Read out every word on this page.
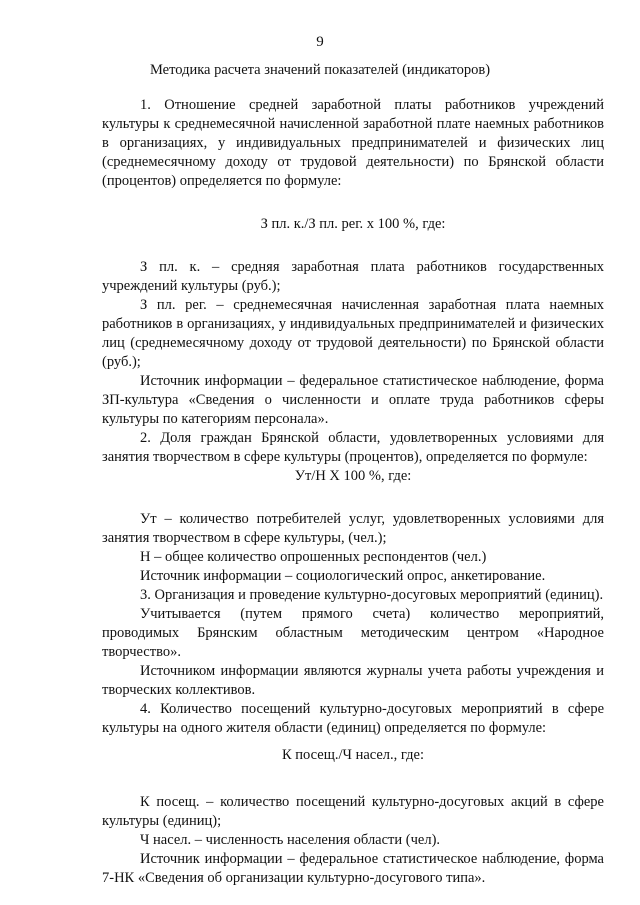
9
Методика расчета значений показателей (индикаторов)

1. Отношение средней заработной платы работников учреждений культуры к среднемесячной начисленной заработной плате наемных работников в организациях, у индивидуальных предпринимателей и физических лиц (среднемесячному доходу от трудовой деятельности) по Брянской области (процентов) определяется по формуле:

З пл. к./З пл. рег. х 100 %, где:

З пл. к. – средняя заработная плата работников государственных учреждений культуры (руб.);

З пл. рег. – среднемесячная начисленная заработная плата наемных работников в организациях, у индивидуальных предпринимателей и физических лиц (среднемесячному доходу от трудовой деятельности) по Брянской области (руб.);

Источник информации – федеральное статистическое наблюдение, форма ЗП-культура «Сведения о численности и оплате труда работников сферы культуры по категориям персонала».

2. Доля граждан Брянской области, удовлетворенных условиями для занятия творчеством в сфере культуры (процентов), определяется по формуле:

Ут/Н Х 100 %, где:

Ут – количество потребителей услуг, удовлетворенных условиями для занятия творчеством в сфере культуры, (чел.);

Н – общее количество опрошенных респондентов (чел.)

Источник информации – социологический опрос, анкетирование.

3. Организация и проведение культурно-досуговых мероприятий (единиц).

Учитывается (путем прямого счета) количество мероприятий, проводимых Брянским областным методическим центром «Народное творчество».

Источником информации являются журналы учета работы учреждения и творческих коллективов.

4. Количество посещений культурно-досуговых мероприятий в сфере культуры на одного жителя области (единиц) определяется по формуле:

К посещ./Ч насел., где:

К посещ. – количество посещений культурно-досуговых акций в сфере культуры (единиц);

Ч насел. – численность населения области (чел).

Источник информации – федеральное статистическое наблюдение, форма 7-НК «Сведения об организации культурно-досугового типа».
